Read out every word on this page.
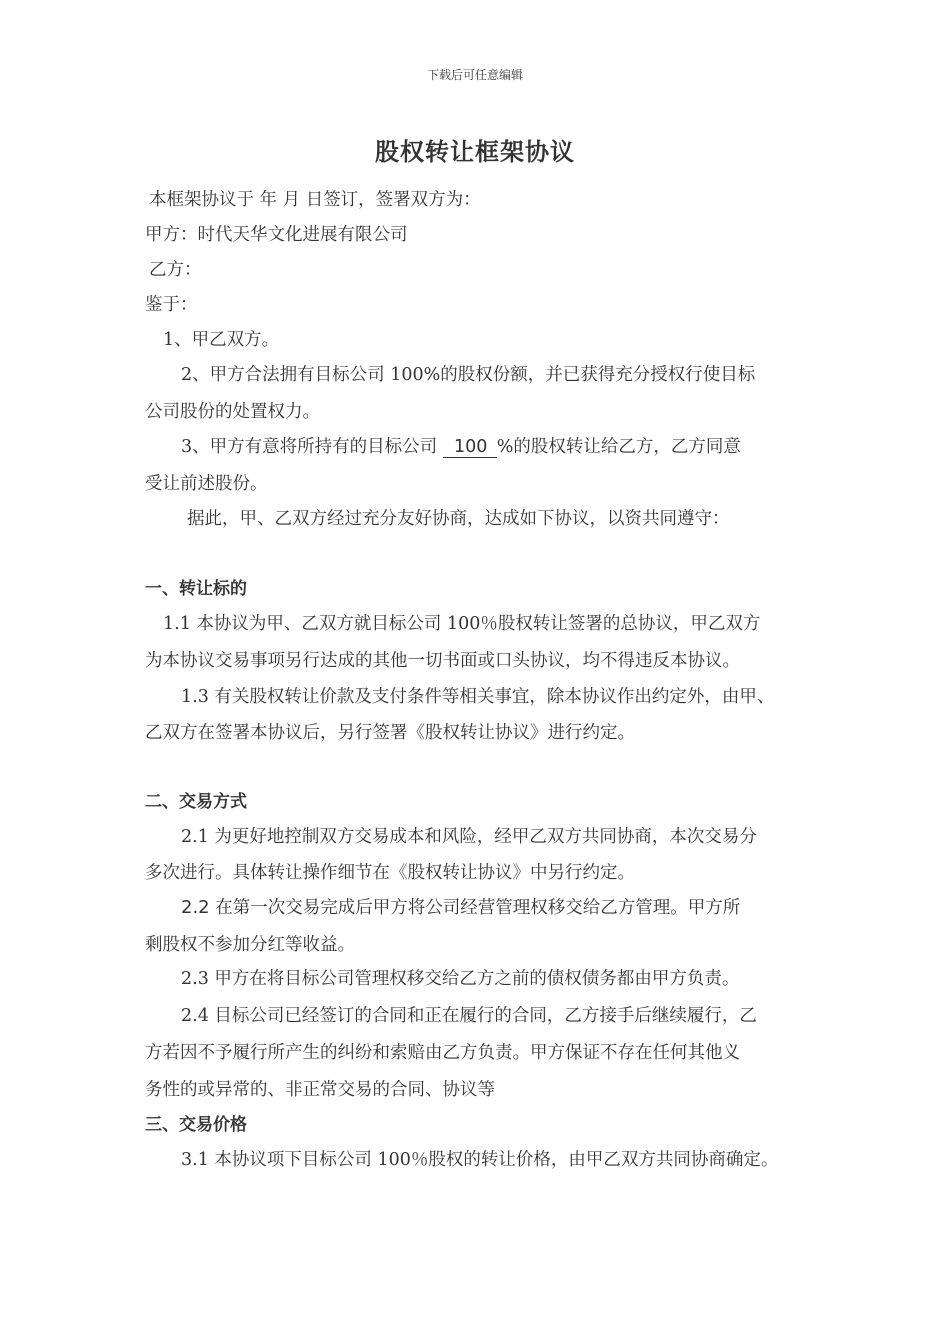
下载后可任意编辑
股权转让框架协议
本框架协议于 年 月 日签订，签署双方为：
甲方：时代天华文化进展有限公司
乙方：
鉴于：
1、甲乙双方。
2、甲方合法拥有目标公司 100%的股权份额，并已获得充分授权行使目标
公司股份的处置权力。
3、甲方有意将所持有的目标公司 100 %的股权转让给乙方，乙方同意
受让前述股份。
据此，甲、乙双方经过充分友好协商，达成如下协议，以资共同遵守：
一、转让标的
1.1 本协议为甲、乙双方就目标公司 100％股权转让签署的总协议，甲乙双方
为本协议交易事项另行达成的其他一切书面或口头协议，均不得违反本协议。
1.3 有关股权转让价款及支付条件等相关事宜，除本协议作出约定外，由甲、
乙双方在签署本协议后，另行签署《股权转让协议》进行约定。
二、交易方式
2.1 为更好地控制双方交易成本和风险，经甲乙双方共同协商，本次交易分
多次进行。具体转让操作细节在《股权转让协议》中另行约定。
2.2 在第一次交易完成后甲方将公司经营管理权移交给乙方管理。甲方所
剩股权不参加分红等收益。
2.3 甲方在将目标公司管理权移交给乙方之前的债权债务都由甲方负责。
2.4 目标公司已经签订的合同和正在履行的合同，乙方接手后继续履行，乙
方若因不予履行所产生的纠纷和索赔由乙方负责。甲方保证不存在任何其他义
务性的或异常的、非正常交易的合同、协议等
三、交易价格
3.1 本协议项下目标公司 100％股权的转让价格，由甲乙双方共同协商确定。
